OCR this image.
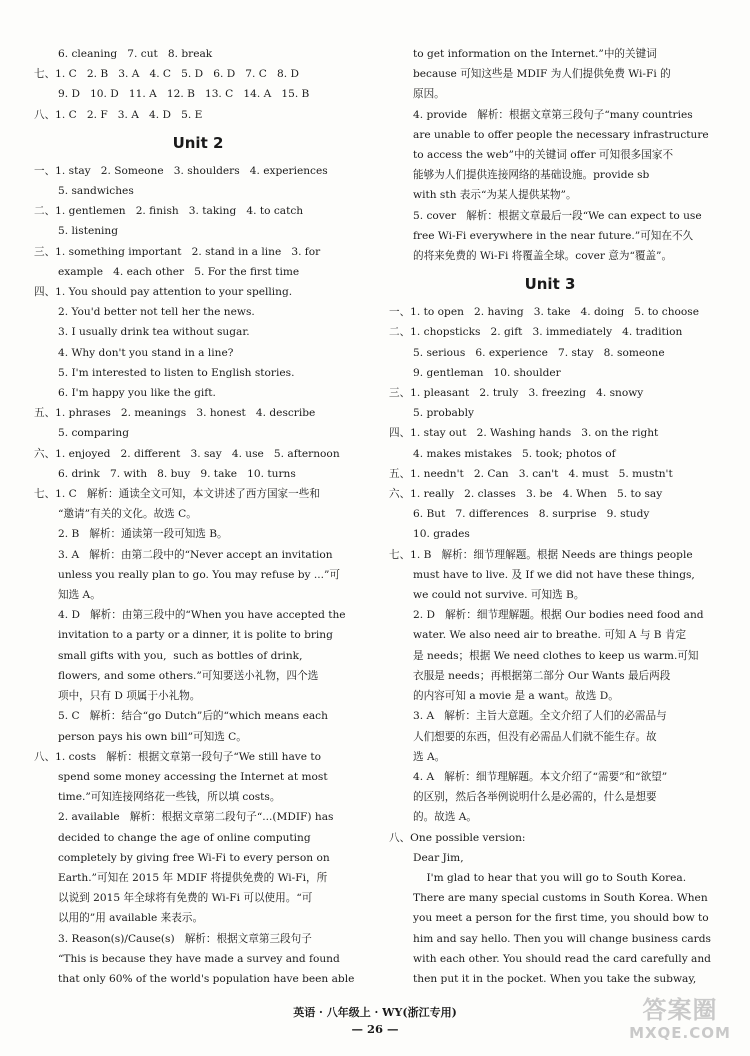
6. cleaning   7. cut   8. break
七、1. C   2. B   3. A   4. C   5. D   6. D   7. C   8. D
9. D   10. D   11. A   12. B   13. C   14. A   15. B
八、1. C   2. F   3. A   4. D   5. E
Unit 2
一、1. stay   2. Someone   3. shoulders   4. experiences
5. sandwiches
二、1. gentlemen   2. finish   3. taking   4. to catch
5. listening
三、1. something important   2. stand in a line   3. for
example   4. each other   5. For the first time
四、1. You should pay attention to your spelling.
2. You'd better not tell her the news.
3. I usually drink tea without sugar.
4. Why don't you stand in a line?
5. I'm interested to listen to English stories.
6. I'm happy you like the gift.
五、1. phrases   2. meanings   3. honest   4. describe
5. comparing
六、1. enjoyed   2. different   3. say   4. use   5. afternoon
6. drink   7. with   8. buy   9. take   10. turns
七、1. C   解析：通读全文可知，本文讲述了西方国家一些和
“邀请”有关的文化。故选 C。
2. B   解析：通读第一段可知选 B。
3. A   解析：由第二段中的“Never accept an invitation
unless you really plan to go. You may refuse by ...”可
知选 A。
4. D   解析：由第三段中的“When you have accepted the
invitation to a party or a dinner, it is polite to bring
small gifts with you,  such as bottles of drink,
flowers, and some others.”可知要送小礼物，四个选
项中，只有 D 项属于小礼物。
5. C   解析：结合“go Dutch”后的“which means each
person pays his own bill”可知选 C。
八、1. costs   解析：根据文章第一段句子“We still have to
spend some money accessing the Internet at most
time.”可知连接网络花一些钱，所以填 costs。
2. available   解析：根据文章第二段句子“...(MDIF) has
decided to change the age of online computing
completely by giving free Wi-Fi to every person on
Earth.”可知在 2015 年 MDIF 将提供免费的 Wi-Fi，所
以说到 2015 年全球将有免费的 Wi-Fi 可以使用。“可
以用的”用 available 来表示。
3. Reason(s)/Cause(s)   解析：根据文章第三段句子
“This is because they have made a survey and found
that only 60% of the world's population have been able
to get information on the Internet.”中的关键词
because 可知这些是 MDIF 为人们提供免费 Wi-Fi 的
原因。
4. provide   解析：根据文章第三段句子“many countries
are unable to offer people the necessary infrastructure
to access the web”中的关键词 offer 可知很多国家不
能够为人们提供连接网络的基础设施。provide sb
with sth 表示“为某人提供某物”。
5. cover   解析：根据文章最后一段“We can expect to use
free Wi-Fi everywhere in the near future.”可知在不久
的将来免费的 Wi-Fi 将覆盖全球。cover 意为“覆盖”。
Unit 3
一、1. to open   2. having   3. take   4. doing   5. to choose
二、1. chopsticks   2. gift   3. immediately   4. tradition
5. serious   6. experience   7. stay   8. someone
9. gentleman   10. shoulder
三、1. pleasant   2. truly   3. freezing   4. snowy
5. probably
四、1. stay out   2. Washing hands   3. on the right
4. makes mistakes   5. took; photos of
五、1. needn't   2. Can   3. can't   4. must   5. mustn't
六、1. really   2. classes   3. be   4. When   5. to say
6. But   7. differences   8. surprise   9. study
10. grades
七、1. B   解析：细节理解题。根据 Needs are things people
must have to live. 及 If we did not have these things,
we could not survive. 可知选 B。
2. D   解析：细节理解题。根据 Our bodies need food and
water. We also need air to breathe. 可知 A 与 B 肯定
是 needs；根据 We need clothes to keep us warm.可知
衣服是 needs；再根据第二部分 Our Wants 最后两段
的内容可知 a movie 是 a want。故选 D。
3. A   解析：主旨大意题。全文介绍了人们的必需品与
人们想要的东西，但没有必需品人们就不能生存。故
选 A。
4. A   解析：细节理解题。本文介绍了“需要”和“欲望”
的区别，然后各举例说明什么是必需的，什么是想要
的。故选 A。
八、One possible version:
Dear Jim,
I'm glad to hear that you will go to South Korea.
There are many special customs in South Korea. When
you meet a person for the first time, you should bow to
him and say hello. Then you will change business cards
with each other. You should read the card carefully and
then put it in the pocket. When you take the subway,
英语 · 八年级上 · WY(浙江专用)
— 26 —
答案圈
MXQE.COM
